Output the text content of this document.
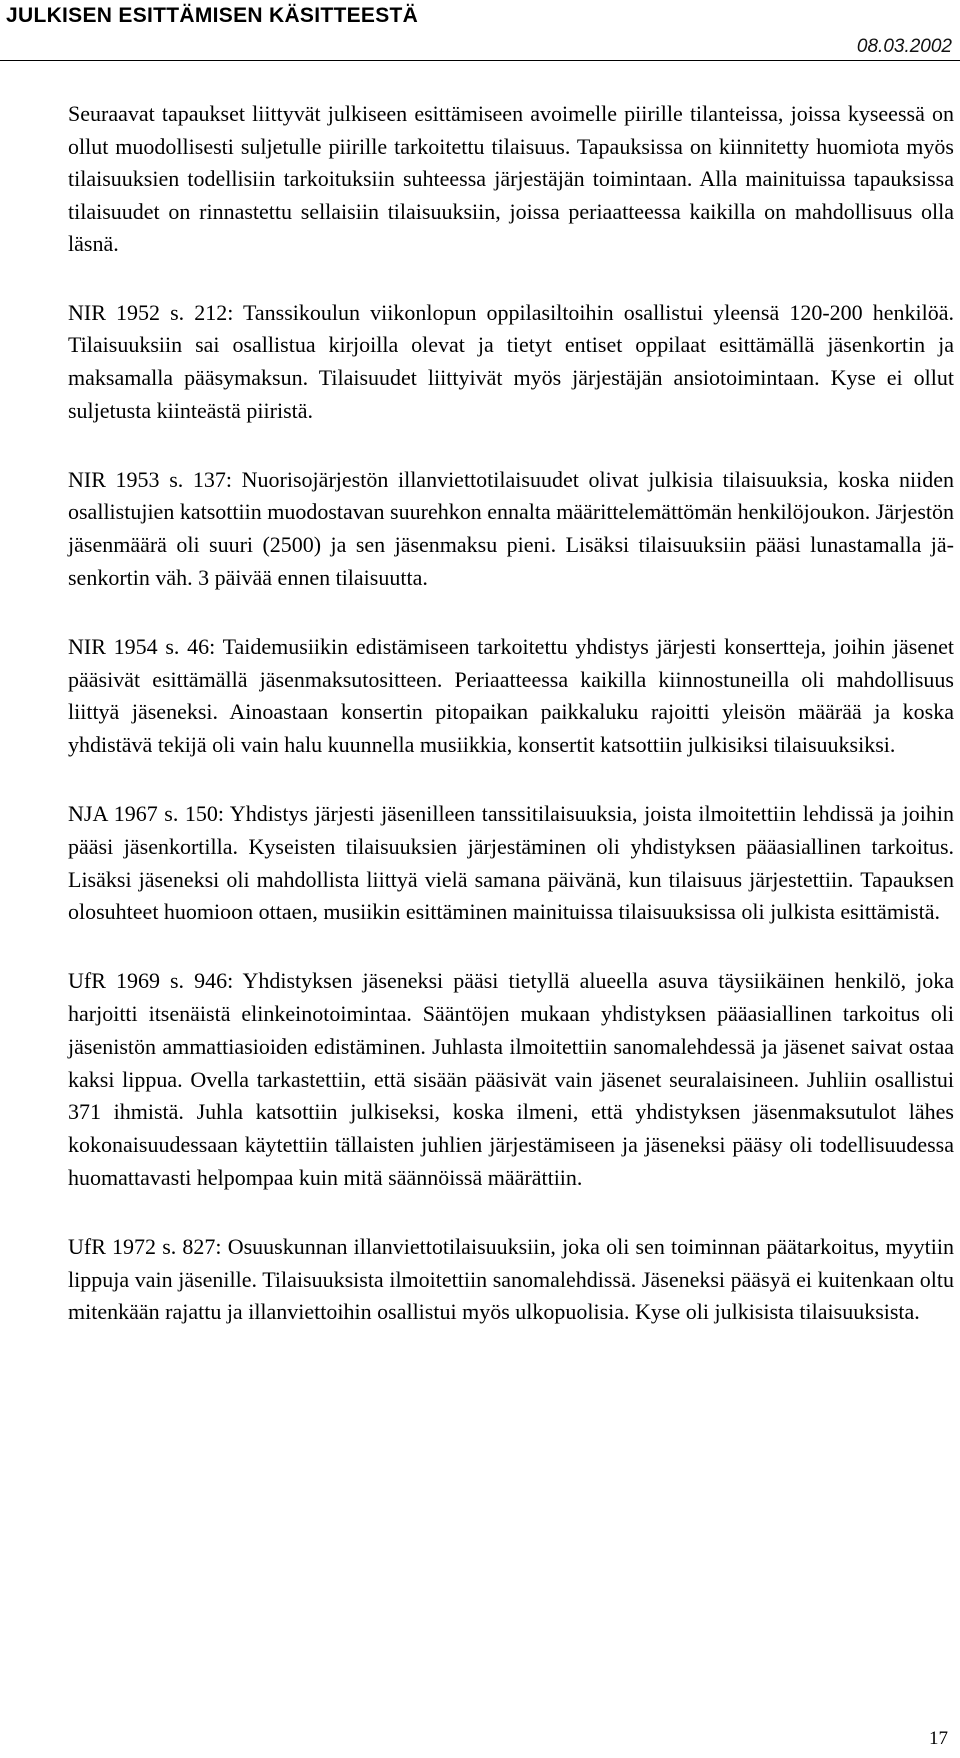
JULKISEN ESITTÄMISEN KÄSITTEESTÄ
08.03.2002

Seuraavat tapaukset liittyvät julkiseen esittämiseen avoimelle piirille tilanteissa, joissa kyseessä on ollut muodollisesti suljetulle piirille tarkoitettu tilaisuus. Tapauksissa on kiinnitetty huomiota myös tilaisuuksien todellisiin tarkoituksiin suhteessa järjestäjän toimintaan. Alla mainituissa tapauksissa tilaisuudet on rinnastettu sellaisiin tilaisuuksiin, joissa periaatteessa kaikilla on mahdollisuus olla läsnä.

NIR 1952 s. 212: Tanssikoulun viikonlopun oppilasiltoihin osallistui yleensä 120-200 henkilöä. Tilaisuuksiin sai osallistua kirjoilla olevat ja tietyt entiset oppilaat esittämällä jäsenkortin ja maksamalla pääsymaksun. Tilaisuudet liittyivät myös järjestäjän ansiotoimintaan. Kyse ei ollut suljetusta kiinteästä piiristä.

NIR 1953 s. 137: Nuorisojärjestön illanviettotilaisuudet olivat julkisia tilaisuuksia, koska niiden osallistujien katsottiin muodostavan suurehkon ennalta määrittelemättömän henkilöjoukon. Järjestön jäsenmäärä oli suuri (2500) ja sen jäsenmaksu pieni. Lisäksi tilaisuuksiin pääsi lunastamalla jäsenkortin väh. 3 päivää ennen tilaisuutta.

NIR 1954 s. 46: Taidemusiikin edistämiseen tarkoitettu yhdistys järjesti konsertteja, joihin jäsenet pääsivät esittämällä jäsenmaksutositteen. Periaatteessa kaikilla kiinnostuneilla oli mahdollisuus liittyä jäseneksi. Ainoastaan konsertin pitopaikan paikkaluku rajoitti yleisön määrää ja koska yhdistävä tekijä oli vain halu kuunnella musiikkia, konsertit katsottiin julkisiksi tilaisuuksiksi.

NJA 1967 s. 150: Yhdistys järjesti jäsenilleen tanssitilaisuuksia, joista ilmoitettiin lehdissä ja joihin pääsi jäsenkortilla. Kyseisten tilaisuuksien järjestäminen oli yhdistyksen pääasiallinen tarkoitus. Lisäksi jäseneksi oli mahdollista liittyä vielä samana päivänä, kun tilaisuus järjestettiin. Tapauksen olosuhteet huomioon ottaen, musiikin esittäminen mainituissa tilaisuuksissa oli julkista esittämistä.

UfR 1969 s. 946: Yhdistyksen jäseneksi pääsi tietyllä alueella asuva täysiikäinen henkilö, joka harjoitti itsenäistä elinkeinotoimintaa. Sääntöjen mukaan yhdistyksen pääasiallinen tarkoitus oli jäsenistön ammattiasioiden edistäminen. Juhlasta ilmoitettiin sanomalehdessä ja jäsenet saivat ostaa kaksi lippua. Ovella tarkastettiin, että sisään pääsivät vain jäsenet seuralaisineen. Juhliin osallistui 371 ihmistä. Juhla katsottiin julkiseksi, koska ilmeni, että yhdistyksen jäsenmaksutulot lähes kokonaisuudessaan käytettiin tällaisten juhlien järjestämiseen ja jäseneksi pääsy oli todellisuudessa huomattavasti helpompaa kuin mitä säännöissä määrättiin.

UfR 1972 s. 827: Osuuskunnan illanviettotilaisuuksiin, joka oli sen toiminnan päätarkoitus, myytiin lippuja vain jäsenille. Tilaisuuksista ilmoitettiin sanomalehdissä. Jäseneksi pääsyä ei kuitenkaan oltu mitenkään rajattu ja illanviettoihin osallistui myös ulkopuolisia. Kyse oli julkisista tilaisuuksista.

17
